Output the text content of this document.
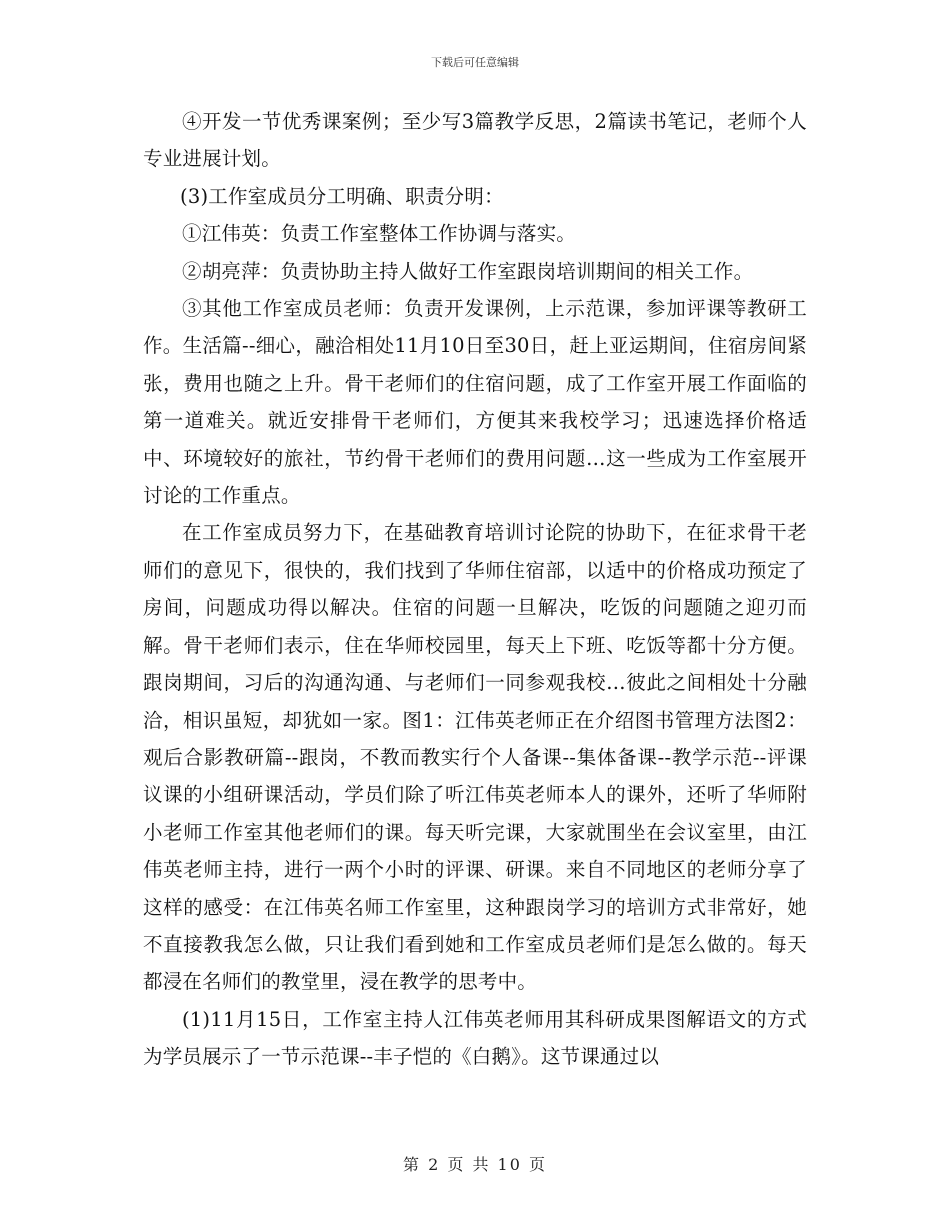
下载后可任意编辑

④开发一节优秀课案例；至少写3篇教学反思，2篇读书笔记，老师个人专业进展计划。

(3)工作室成员分工明确、职责分明：

①江伟英：负责工作室整体工作协调与落实。

②胡亮萍：负责协助主持人做好工作室跟岗培训期间的相关工作。

③其他工作室成员老师：负责开发课例，上示范课，参加评课等教研工作。生活篇--细心，融洽相处11月10日至30日，赶上亚运期间，住宿房间紧张，费用也随之上升。骨干老师们的住宿问题，成了工作室开展工作面临的第一道难关。就近安排骨干老师们，方便其来我校学习；迅速选择价格适中、环境较好的旅社，节约骨干老师们的费用问题…这一些成为工作室展开讨论的工作重点。

在工作室成员努力下，在基础教育培训讨论院的协助下，在征求骨干老师们的意见下，很快的，我们找到了华师住宿部，以适中的价格成功预定了房间，问题成功得以解决。住宿的问题一旦解决，吃饭的问题随之迎刃而解。骨干老师们表示，住在华师校园里，每天上下班、吃饭等都十分方便。跟岗期间，习后的沟通沟通、与老师们一同参观我校…彼此之间相处十分融洽，相识虽短，却犹如一家。图1：江伟英老师正在介绍图书管理方法图2：观后合影教研篇--跟岗，不教而教实行个人备课--集体备课--教学示范--评课议课的小组研课活动，学员们除了听江伟英老师本人的课外，还听了华师附小老师工作室其他老师们的课。每天听完课，大家就围坐在会议室里，由江伟英老师主持，进行一两个小时的评课、研课。来自不同地区的老师分享了这样的感受：在江伟英名师工作室里，这种跟岗学习的培训方式非常好，她不直接教我怎么做，只让我们看到她和工作室成员老师们是怎么做的。每天都浸在名师们的教堂里，浸在教学的思考中。

(1)11月15日，工作室主持人江伟英老师用其科研成果图解语文的方式为学员展示了一节示范课--丰子恺的《白鹅》。这节课通过以

第 2 页 共 10 页
